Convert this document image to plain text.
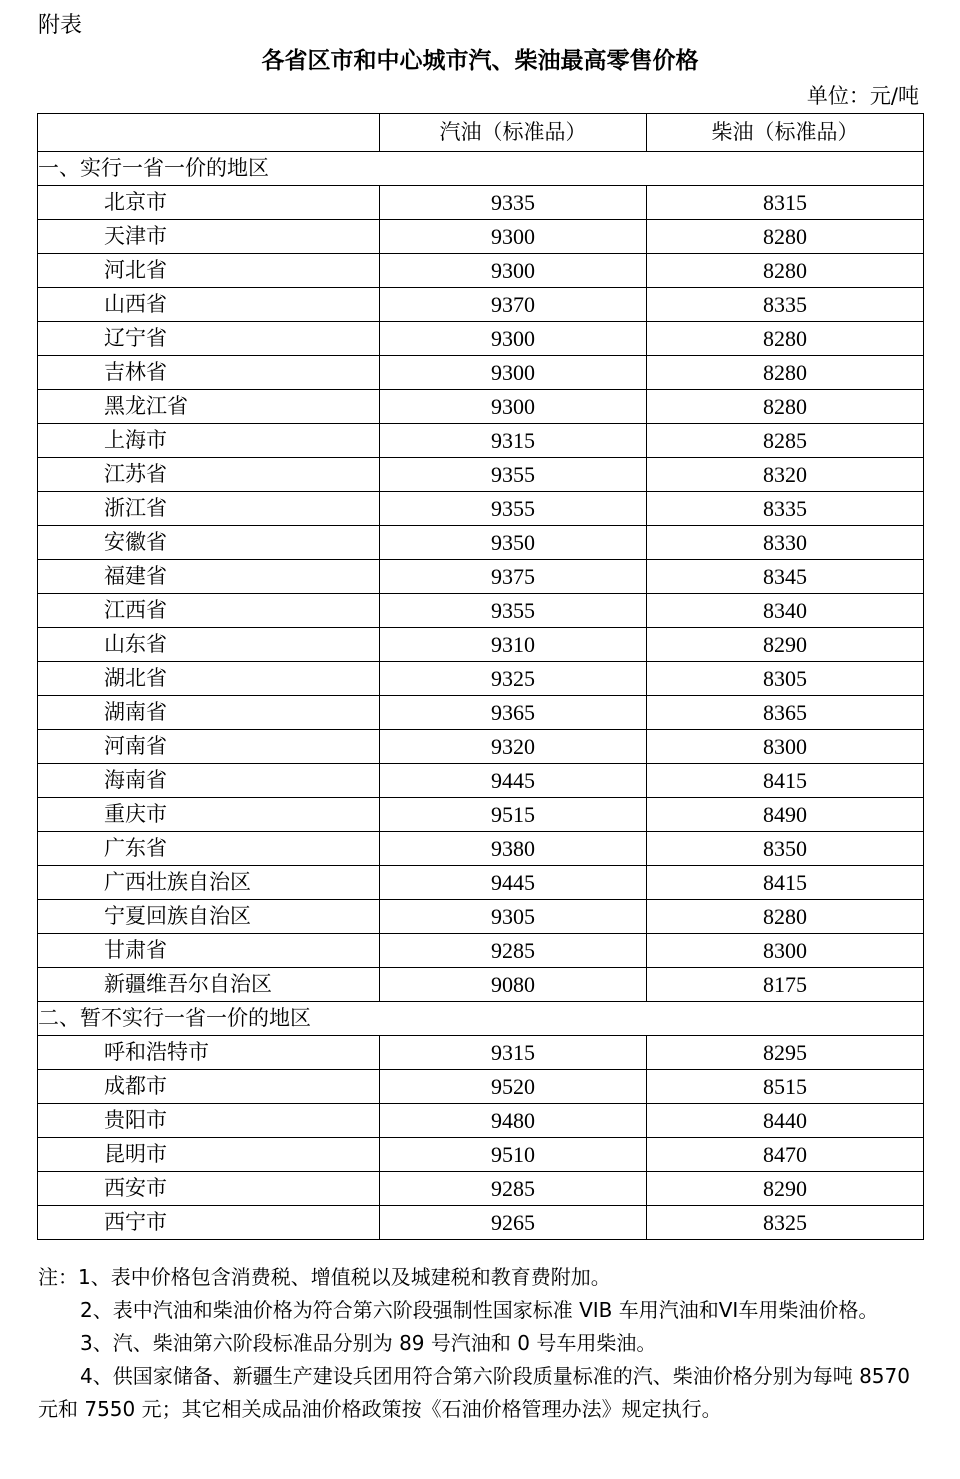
附表
各省区市和中心城市汽、柴油最高零售价格
单位：元/吨
	汽油（标准品）	柴油（标准品）
一、实行一省一价的地区		
北京市	9335	8315
天津市	9300	8280
河北省	9300	8280
山西省	9370	8335
辽宁省	9300	8280
吉林省	9300	8280
黑龙江省	9300	8280
上海市	9315	8285
江苏省	9355	8320
浙江省	9355	8335
安徽省	9350	8330
福建省	9375	8345
江西省	9355	8340
山东省	9310	8290
湖北省	9325	8305
湖南省	9365	8365
河南省	9320	8300
海南省	9445	8415
重庆市	9515	8490
广东省	9380	8350
广西壮族自治区	9445	8415
宁夏回族自治区	9305	8280
甘肃省	9285	8300
新疆维吾尔自治区	9080	8175
二、暂不实行一省一价的地区		
呼和浩特市	9315	8295
成都市	9520	8515
贵阳市	9480	8440
昆明市	9510	8470
西安市	9285	8290
西宁市	9265	8325

注：1、表中价格包含消费税、增值税以及城建税和教育费附加。

2、表中汽油和柴油价格为符合第六阶段强制性国家标准 VIB 车用汽油和VI车用柴油价格。

3、汽、柴油第六阶段标准品分别为 89 号汽油和 0 号车用柴油。

4、供国家储备、新疆生产建设兵团用符合第六阶段质量标准的汽、柴油价格分别为每吨 8570 元和 7550 元；其它相关成品油价格政策按《石油价格管理办法》规定执行。
